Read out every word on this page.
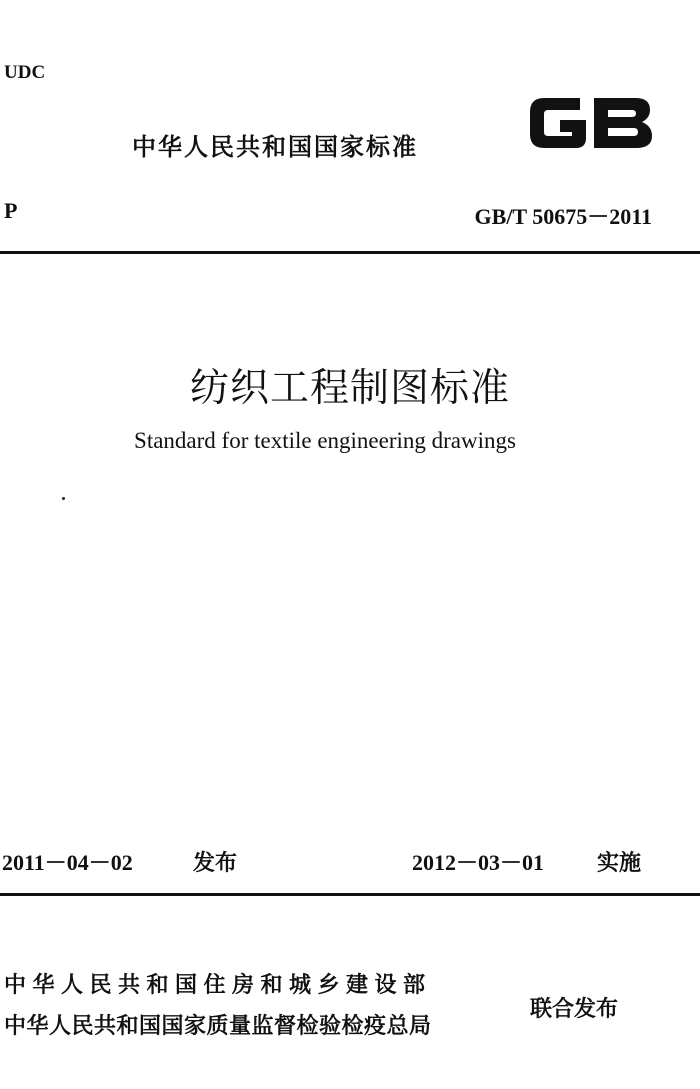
UDC
中华人民共和国国家标准
P	GB/T 50675－2011
纺织工程制图标准
Standard for textile engineering drawings
2011－04－02	发布	2012－03－01 实施
中华人民共和国住房和城乡建设部
中华人民共和国国家质量监督检验检疫总局
联合发布
